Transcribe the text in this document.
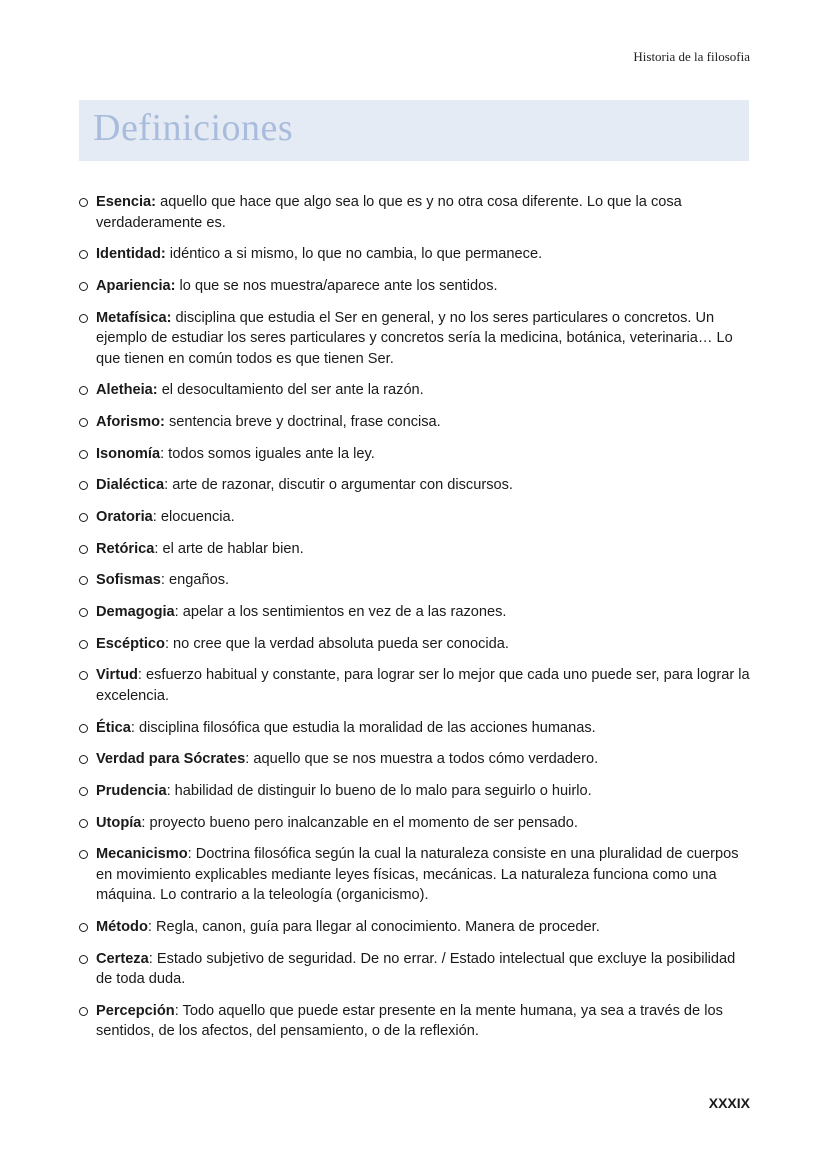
Historia de la filosofia
Definiciones
Esencia: aquello que hace que algo sea lo que es y no otra cosa diferente. Lo que la cosa verdaderamente es.
Identidad: idéntico a si mismo, lo que no cambia, lo que permanece.
Apariencia: lo que se nos muestra/aparece ante los sentidos.
Metafísica: disciplina que estudia el Ser en general, y no los seres particulares o concretos. Un ejemplo de estudiar los seres particulares y concretos sería la medicina, botánica, veterinaria… Lo que tienen en común todos es que tienen Ser.
Aletheia: el desocultamiento del ser ante la razón.
Aforismo: sentencia breve y doctrinal, frase concisa.
Isonomía: todos somos iguales ante la ley.
Dialéctica: arte de razonar, discutir o argumentar con discursos.
Oratoria: elocuencia.
Retórica: el arte de hablar bien.
Sofismas: engaños.
Demagogia: apelar a los sentimientos en vez de a las razones.
Escéptico: no cree que la verdad absoluta pueda ser conocida.
Virtud: esfuerzo habitual y constante, para lograr ser lo mejor que cada uno puede ser, para lograr la excelencia.
Ética: disciplina filosófica que estudia la moralidad de las acciones humanas.
Verdad para Sócrates: aquello que se nos muestra a todos cómo verdadero.
Prudencia: habilidad de distinguir lo bueno de lo malo para seguirlo o huirlo.
Utopía: proyecto bueno pero inalcanzable en el momento de ser pensado.
Mecanicismo: Doctrina filosófica según la cual la naturaleza consiste en una pluralidad de cuerpos en movimiento explicables mediante leyes físicas, mecánicas. La naturaleza funciona como una máquina. Lo contrario a la teleología (organicismo).
Método: Regla, canon, guía para llegar al conocimiento. Manera de proceder.
Certeza: Estado subjetivo de seguridad. De no errar. / Estado intelectual que excluye la posibilidad de toda duda.
Percepción: Todo aquello que puede estar presente en la mente humana, ya sea a través de los sentidos, de los afectos, del pensamiento, o de la reflexión.
XXXIX
